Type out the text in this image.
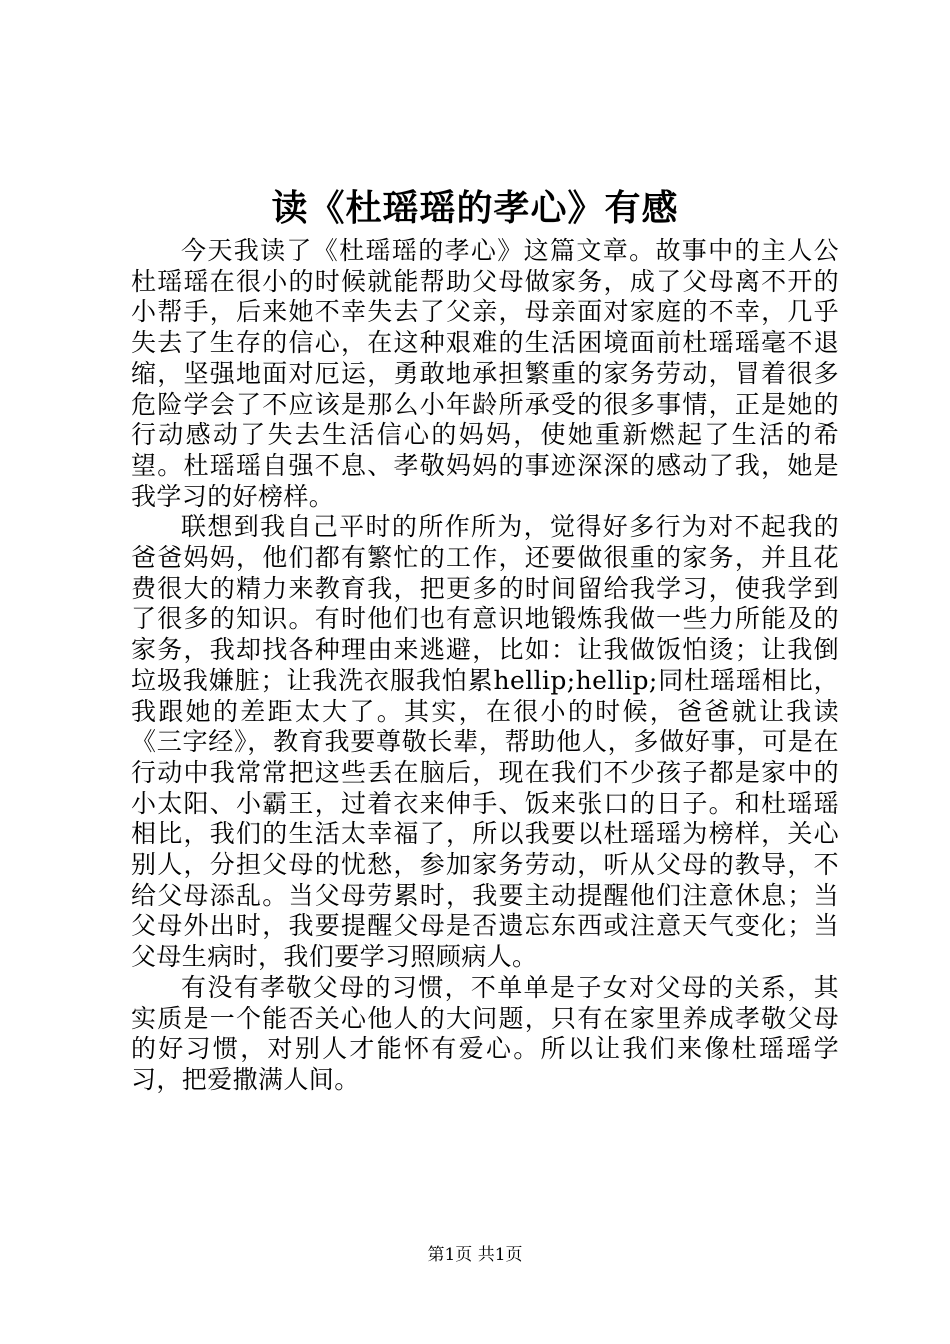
读《杜瑶瑶的孝心》有感

今天我读了《杜瑶瑶的孝心》这篇文章。故事中的主人公杜瑶瑶在很小的时候就能帮助父母做家务，成了父母离不开的小帮手，后来她不幸失去了父亲，母亲面对家庭的不幸，几乎失去了生存的信心，在这种艰难的生活困境面前杜瑶瑶毫不退缩，坚强地面对厄运，勇敢地承担繁重的家务劳动，冒着很多危险学会了不应该是那么小年龄所承受的很多事情，正是她的行动感动了失去生活信心的妈妈，使她重新燃起了生活的希望。杜瑶瑶自强不息、孝敬妈妈的事迹深深的感动了我，她是我学习的好榜样。

联想到我自己平时的所作所为，觉得好多行为对不起我的爸爸妈妈，他们都有繁忙的工作，还要做很重的家务，并且花费很大的精力来教育我，把更多的时间留给我学习，使我学到了很多的知识。有时他们也有意识地锻炼我做一些力所能及的家务，我却找各种理由来逃避，比如：让我做饭怕烫；让我倒垃圾我嫌脏；让我洗衣服我怕累hellip;hellip;同杜瑶瑶相比，我跟她的差距太大了。其实，在很小的时候，爸爸就让我读《三字经》，教育我要尊敬长辈，帮助他人，多做好事，可是在行动中我常常把这些丢在脑后，现在我们不少孩子都是家中的小太阳、小霸王，过着衣来伸手、饭来张口的日子。和杜瑶瑶相比，我们的生活太幸福了，所以我要以杜瑶瑶为榜样，关心别人，分担父母的忧愁，参加家务劳动，听从父母的教导，不给父母添乱。当父母劳累时，我要主动提醒他们注意休息；当父母外出时，我要提醒父母是否遗忘东西或注意天气变化；当父母生病时，我们要学习照顾病人。

有没有孝敬父母的习惯，不单单是子女对父母的关系，其实质是一个能否关心他人的大问题，只有在家里养成孝敬父母的好习惯，对别人才能怀有爱心。所以让我们来像杜瑶瑶学习，把爱撒满人间。

第1页 共1页
